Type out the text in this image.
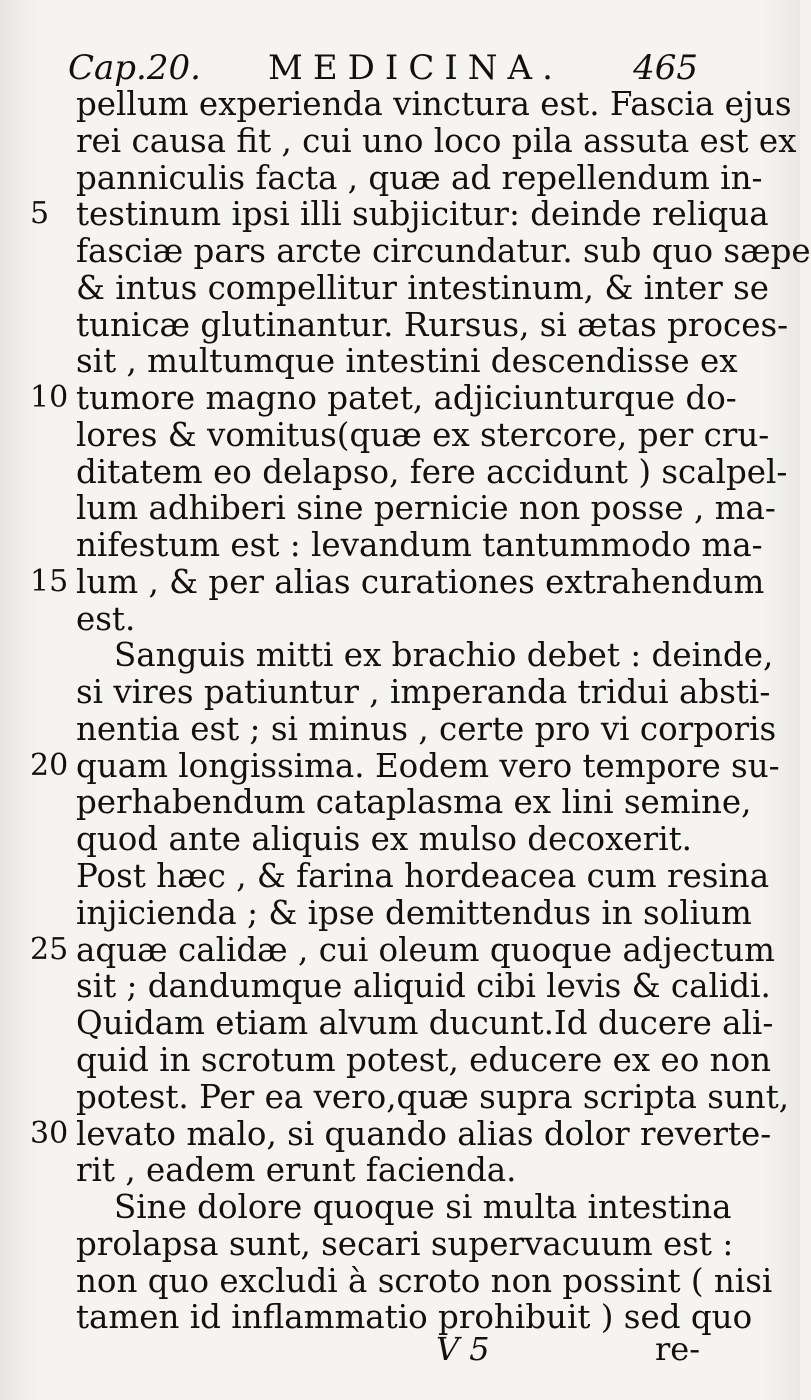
Cap.20. MEDICINA. 465
5
10
15
20
25
30
pellum experienda vinctura est. Fascia ejus
rei causa fit , cui uno loco pila assuta est ex
panniculis facta , quæ ad repellendum in-
testinum ipsi illi subjicitur: deinde reliqua
fasciæ pars arcte circundatur. sub quo sæpe
& intus compellitur intestinum, & inter se
tunicæ glutinantur. Rursus, si ætas proces-
sit , multumque intestini descendisse ex
tumore magno patet, adjiciunturque do-
lores & vomitus(quæ ex stercore, per cru-
ditatem eo delapso, fere accidunt ) scalpel-
lum adhiberi sine pernicie non posse , ma-
nifestum est : levandum tantummodo ma-
lum , & per alias curationes extrahendum
est.
Sanguis mitti ex brachio debet : deinde,
si vires patiuntur , imperanda tridui absti-
nentia est ; si minus , certe pro vi corporis
quam longissima. Eodem vero tempore su-
perhabendum cataplasma ex lini semine,
quod ante aliquis ex mulso decoxerit.
Post hæc , & farina hordeacea cum resina
injicienda ; & ipse demittendus in solium
aquæ calidæ , cui oleum quoque adjectum
sit ; dandumque aliquid cibi levis & calidi.
Quidam etiam alvum ducunt.Id ducere ali-
quid in scrotum potest, educere ex eo non
potest. Per ea vero,quæ supra scripta sunt,
levato malo, si quando alias dolor reverte-
rit , eadem erunt facienda.
Sine dolore quoque si multa intestina
prolapsa sunt, secari supervacuum est :
non quo excludi à scroto non possint ( nisi
tamen id inflammatio prohibuit ) sed quo
V 5	re-
